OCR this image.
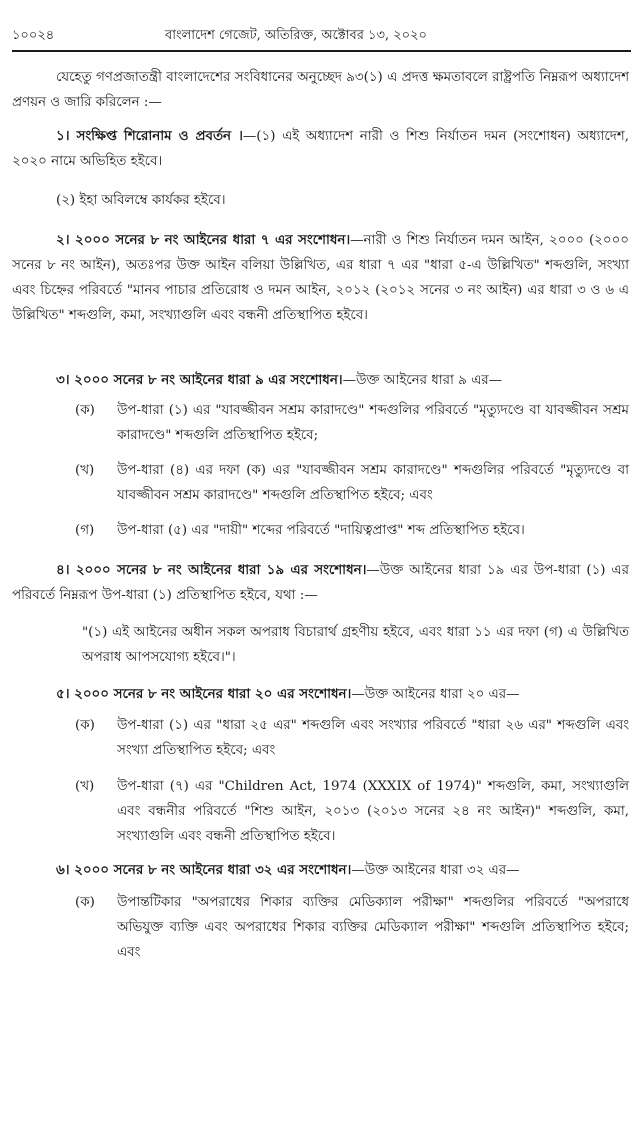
১০০২৪	বাংলাদেশ গেজেট, অতিরিক্ত, অক্টোবর ১৩, ২০২০
যেহেতু গণপ্রজাতন্ত্রী বাংলাদেশের সংবিধানের অনুচ্ছেদ ৯৩(১) এ প্রদত্ত ক্ষমতাবলে রাষ্ট্রপতি নিম্নরূপ অধ্যাদেশ প্রণয়ন ও জারি করিলেন :—
১। সংক্ষিপ্ত শিরোনাম ও প্রবর্তন ।—(১) এই অধ্যাদেশ নারী ও শিশু নির্যাতন দমন (সংশোধন) অধ্যাদেশ, ২০২০ নামে অভিহিত হইবে।
(২) ইহা অবিলম্বে কার্যকর হইবে।
২। ২০০০ সনের ৮ নং আইনের ধারা ৭ এর সংশোধন।—নারী ও শিশু নির্যাতন দমন আইন, ২০০০ (২০০০ সনের ৮ নং আইন), অতঃপর উক্ত আইন বলিয়া উল্লিখিত, এর ধারা ৭ এর "ধারা ৫-এ উল্লিখিত" শব্দগুলি, সংখ্যা এবং চিহ্নের পরিবর্তে "মানব পাচার প্রতিরোধ ও দমন আইন, ২০১২ (২০১২ সনের ৩ নং আইন) এর ধারা ৩ ও ৬ এ উল্লিখিত" শব্দগুলি, কমা, সংখ্যাগুলি এবং বন্ধনী প্রতিস্থাপিত হইবে।
৩। ২০০০ সনের ৮ নং আইনের ধারা ৯ এর সংশোধন।—উক্ত আইনের ধারা ৯ এর—
(ক)	উপ-ধারা (১) এর "যাবজ্জীবন সশ্রম কারাদণ্ডে" শব্দগুলির পরিবর্তে "মৃত্যুদণ্ডে বা যাবজ্জীবন সশ্রম কারাদণ্ডে" শব্দগুলি প্রতিস্থাপিত হইবে;
(খ)	উপ-ধারা (৪) এর দফা (ক) এর "যাবজ্জীবন সশ্রম কারাদণ্ডে" শব্দগুলির পরিবর্তে "মৃত্যুদণ্ডে বা যাবজ্জীবন সশ্রম কারাদণ্ডে" শব্দগুলি প্রতিস্থাপিত হইবে; এবং
(গ)	উপ-ধারা (৫) এর "দায়ী" শব্দের পরিবর্তে "দায়িত্বপ্রাপ্ত" শব্দ প্রতিস্থাপিত হইবে।
৪। ২০০০ সনের ৮ নং আইনের ধারা ১৯ এর সংশোধন।—উক্ত আইনের ধারা ১৯ এর উপ-ধারা (১) এর পরিবর্তে নিম্নরূপ উপ-ধারা (১) প্রতিস্থাপিত হইবে, যথা :—
"(১) এই আইনের অধীন সকল অপরাধ বিচারার্থ গ্রহণীয় হইবে, এবং ধারা ১১ এর দফা (গ) এ উল্লিখিত অপরাধ আপসযোগ্য হইবে।"।
৫। ২০০০ সনের ৮ নং আইনের ধারা ২০ এর সংশোধন।—উক্ত আইনের ধারা ২০ এর—
(ক)	উপ-ধারা (১) এর "ধারা ২৫ এর" শব্দগুলি এবং সংখ্যার পরিবর্তে "ধারা ২৬ এর" শব্দগুলি এবং সংখ্যা প্রতিস্থাপিত হইবে; এবং
(খ)	উপ-ধারা (৭) এর "Children Act, 1974 (XXXIX of 1974)" শব্দগুলি, কমা, সংখ্যাগুলি এবং বন্ধনীর পরিবর্তে "শিশু আইন, ২০১৩ (২০১৩ সনের ২৪ নং আইন)" শব্দগুলি, কমা, সংখ্যাগুলি এবং বন্ধনী প্রতিস্থাপিত হইবে।
৬। ২০০০ সনের ৮ নং আইনের ধারা ৩২ এর সংশোধন।—উক্ত আইনের ধারা ৩২ এর—
(ক)	উপান্তটিকার "অপরাধের শিকার ব্যক্তির মেডিক্যাল পরীক্ষা" শব্দগুলির পরিবর্তে "অপরাধে অভিযুক্ত ব্যক্তি এবং অপরাধের শিকার ব্যক্তির মেডিক্যাল পরীক্ষা" শব্দগুলি প্রতিস্থাপিত হইবে; এবং
